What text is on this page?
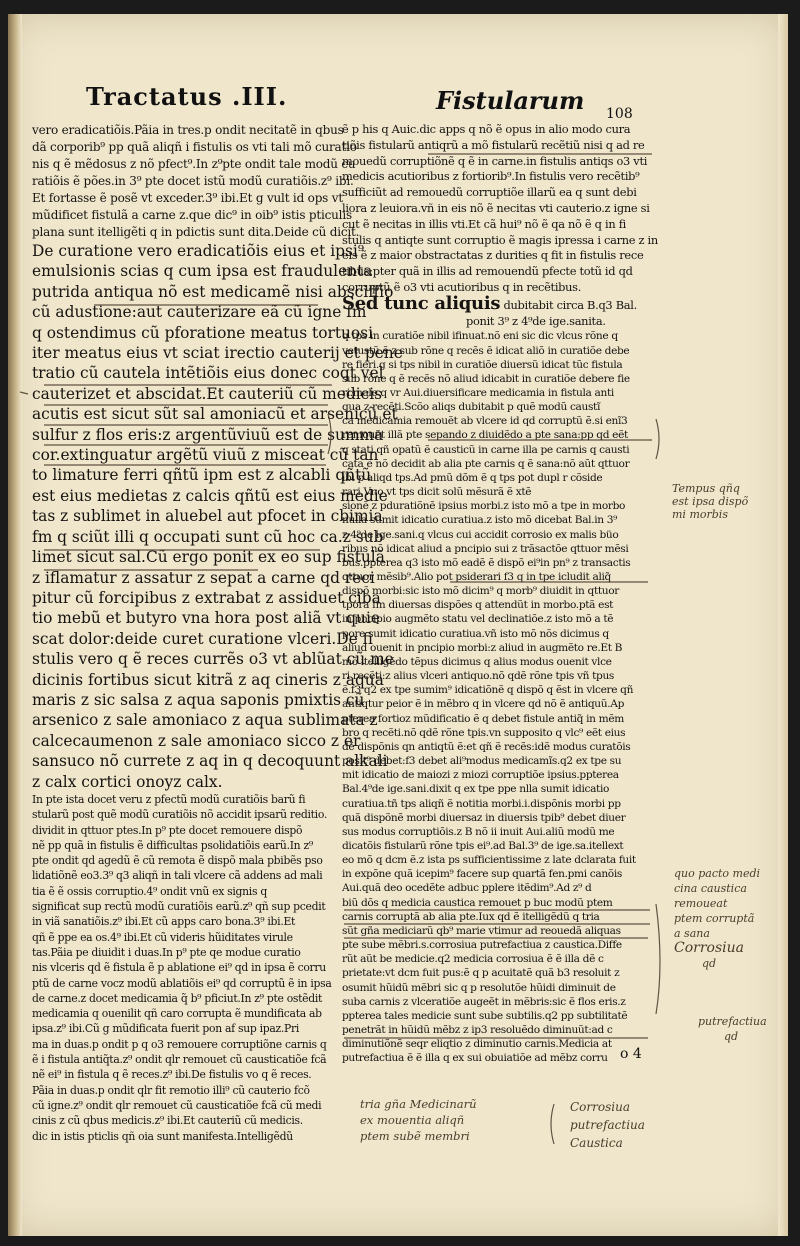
Tractatus .III.	Fistularum 108

vero eradicatiõis.Pãia in tres.p ondit necitatẽ in qbus

dã corporib⁹ pp quã aliqñ i fistulis os vti tali mõ curatio

nis q ẽ mẽdosus z nõ pfect⁹.In z⁹pte ondit tale modũ cu

ratiõis ẽ pões.in 3⁹ pte docet istũ modũ curatiõis.z⁹ ibi.

Et fortasse ẽ posẽ vt exceder.3⁹ ibi.Et g vult id ops vt

mũdificet fistulã a carne z.que dic⁹ in oib⁹ istis pticulis

plana sunt itelligẽti q in pdictis sunt dita.Deide cũ dicit.

De curatione vero eradicatiõis eius et ipsi⁹

emulsionis scias q cum ipsa est fraudulenta

putrida antiqua nõ est medicamẽ nisi absciffio

cũ adustione:aut cauterizare eã cũ igne fm

q ostendimus cũ pforatione meatus tortuosi

iter meatus eius vt sciat irectio cauterij et pene

tratio cũ cautela intẽtiõis eius donec coqt vel

cauterizet et abscidat.Et cauteriũ cũ medicis

acutis est sicut sũt sal amoniacũ et arsenicũ et

sulfur z flos eris:z argentũviuũ est de summa

cor.extinguatur argẽtũ viuũ z misceat cũ tan

to limature ferri qñtũ ipm est z alcabli qñtũ

est eius medietas z calcis qñtũ est eius medie

tas z sublimet in aluebel aut pfocet in cbimia

fm q sciũt illi q occupati sunt cũ hoc ca.z sub

limet sicut sal.Cũ ergo ponit ex eo sup fistulã

z iflamatur z assatur z sepat a carne qd reci

pitur cũ forcipibus z extrabat z assiduet ciba

tio mebũ et butyro vna hora post aliã vt quie

scat dolor:deide curet curatione vlceri.De fi

stulis vero q ẽ reces currẽs o3 vt ablũat cũ me

dicinis fortibus sicut kitrã z aq cineris z aqua

maris z sic salsa z aqua saponis pmixtis cũ

arsenico z sale amoniaco z aqua sublimata z

calcecaumenon z sale amoniaco sicco z er

sansuco nõ currete z aq in q decoquunt alkali

z calx cortici onoyz calx.

In pte ista docet veru z pfectũ modũ curatiõis barũ fi

stularũ post quẽ modũ curatiõis nõ accidit ipsarũ reditio.

dividit in qttuor ptes.In p⁹ pte docet remouere dispõ

nẽ pp quã in fistulis ẽ difficultas psolidatiõis earũ.In z⁹

pte ondit qd agedũ ẽ cũ remota ẽ dispõ mala pbibẽs pso

lidatiõnẽ eo3.3⁹ q3 aliqñ in tali vlcere cã addens ad mali

tia ẽ ẽ ossis corruptio.4⁹ ondit vnũ ex signis q

significat sup rectũ modũ curatiõis earũ.z⁹ qñ sup pcedit

in viã sanatiõis.z⁹ ibi.Et cũ apps caro bona.3⁹ ibi.Et

qñ ẽ ppe ea os.4⁹ ibi.Et cũ videris hũiditates virule

tas.Pãia pe diuidit i duas.In p⁹ pte qe modue curatio

nis vlceris qd ẽ fistula ẽ p ablatione ei⁹ qd in ipsa ẽ corru

ptũ de carne vocz modũ ablatiõis ei⁹ qd corruptũ ẽ in ipsa

de carne.z docet medicamia q̃ b⁹ pficiut.In z⁹ pte ostẽdit

medicamia q ouenilit qñ caro corrupta ẽ mundificata ab

ipsa.z⁹ ibi.Cũ g mũdificata fuerit pon af sup ipaz.Pri

ma in duas.p ondit p q o3 remouere corruptiõne carnis q

ẽ i fistula antiq̃ta.z⁹ ondit qlr remouet cũ causticatiõe fcã

nẽ ei⁹ in fistula q ẽ reces.z⁹ ibi.De fistulis vo q ẽ reces.

Pãia in duas.p ondit qlr fit remotio illi⁹ cũ cauterio fcõ

cũ igne.z⁹ ondit qlr remouet cũ causticatiõe fcã cũ medi

cinis z cũ qbus medicis.z⁹ ibi.Et cauteriũ cũ medicis.

dic in istis pticlis qñ oia sunt manifesta.Intelligẽdũ

ẽ p his q Auic.dic apps q nõ ẽ opus in alio modo cura

tiõis fistularũ antiqrũ a mõ fistularũ recẽtiũ nisi q ad re

mouedũ corruptiõnẽ q ẽ in carne.in fistulis antiqs o3 vti

medicis acutioribus z fortiorib⁹.In fistulis vero recẽtib⁹

sufficiũt ad remouedũ corruptiõe illarũ ea q sunt debi

liora z leuiora.vñ in eis nõ ẽ necitas vti cauterio.z igne si

cut ẽ necitas in illis vti.Et cã hui⁹ nõ ẽ qa nõ ẽ q in fi

stulis q antiqte sunt corruptio ẽ magis ipressa i carne z in

eis ẽ z maior obstractatas z durities q fit in fistulis rece

tibus:pter quã in illis ad remouendũ pfecte totũ id qd

corruptũ ẽ o3 vti acutioribus q in recẽtibus.

Sed tunc aliquis dubitabit circa B.q3 Bal.

ponit 3⁹ z 4⁹de ige.sanita.

q tps in curatiõe nibil ifinuat.nõ eni sic dic vlcus rõne q

vetustũ ẽ z sub rõne q recẽs ẽ idicat aliõ in curatiõe debe

re fieri.g si tps nibil in curatiõe diuersũ idicat tũc fistula

sub rõne q ẽ recẽs nõ aliud idicabit in curatiõe debere fie

ri.male q vr Aui.diuersificare medicamia in fistula anti

qua z recẽti.Scõo aliqs dubitabit p quẽ modũ caustĩ

ca medicamia remouẽt ab vlcere id qd corruptũ ẽ.si enĩ3

remouẽt illã pte sepando z diuidẽdo a pte sana:pp qd eẽt

q stati qñ opatũ ẽ causticũ in carne illa pe carnis q causti

cata ẽ nõ decidit ab alia pte carnis q ẽ sana:nõ aũt qttuor

ibi p aliqd tps.Ad pmũ dõm ẽ q tps pot dupl r cõside

rari.Vno vt tps dicit solũ mẽsurã ẽ xtẽ

sionẽ z pduratiõnẽ ipsius morbi.z isto mõ a tpe in morbo

nulla sumit idicatio curatiua.z isto mõ dicebat Bal.in 3⁹

z 4⁹de ige.sani.q vlcus cui accidit corrosio ex malis büo

ribus nõ idicat aliud a pncipio sui z trãsactõe qttuor mẽsi

bus.ppterea q3 isto mõ eadẽ ẽ dispõ ei⁹in pn⁹ z transactis

qttuor mẽsib⁹.Alio pot psiderari f3 q in tpe icludit aliq̃

dispõ morbi:sic isto mõ dicim⁹ q morb⁹ diuidit in qttuor

tpora fm diuersas dispões q attendũt in morbo.ptã est

in pncipio augmẽto statu vel declinatiõe.z isto mõ a tẽ

pore sumit idicatio curatiua.vñ isto mõ nõs dicimus q

aliud ouenit in pncipio morbi:z aliud in augmẽto re.Et B

mõ itelligẽdo tẽpus dicimus q alius modus ouenit vlce

ri recẽti:z alius vlceri antiquo.nõ qdẽ rõne tpis vñ tpus

ẽ.f3 q2 ex tpe sumim⁹ idicatiõnẽ q dispõ q ẽst in vlcere qñ

antiqtur peior ẽ in mẽbro q in vlcere qd nõ ẽ antiquũ.Ap

pterea fortioz mũdificatio ẽ q debet fistule antiq̃ in mẽm

bro q recẽti.nõ qdẽ rõne tpis.vn supposito q vlc⁹ eẽt eius

dẽ dispõnis qn antiqtũ ẽ:et qñ ẽ recẽs:idẽ modus curatõis

posit⁹ debet:f3 debet ali⁹modus medicamĩs.q2 ex tpe su

mit idicatio de maiozi z miozi corruptiõe ipsius.ppterea

Bal.4⁹de ige.sani.dixit q ex tpe ppe nlla sumit idicatio

curatiua.tñ tps aliqñ ẽ notitia morbi.i.dispõnis morbi pp

quã dispõnẽ morbi diuersaz in diuersis tpib⁹ debet diuer

sus modus corruptiõis.z B nõ ii inuit Aui.aliũ modũ me

dicatõis fistularũ rõne tpis ei⁹.ad Bal.3⁹ de ige.sa.itellext

eo mõ q dcm ẽ.z ista ps sufficientissime z late dclarata fuit

in expõne quã icepim⁹ facere sup quartã fen.pmi canõis

Aui.quã deo ocedẽte adbuc pplere itẽdim⁹.Ad z⁹ d

biũ dõs q medicia caustica remouet p buc modũ ptem

carnis corruptã ab alia pte.Iux qd ẽ itelligẽdũ q tria

sũt gña mediciarũ qb⁹ marie vtimur ad reouedã aliquas

pte sube mẽbri.s.corrosiua putrefactiua z caustica.Diffe

rũt aũt be medicie.q2 medicia corrosiua ẽ ẽ illa dẽ c

prietate:vt dcm fuit pus:ẽ q p acuitatẽ quã b3 resoluit z

osumit hũidũ mẽbri sic q p resolutõe hũidi diminuit de

suba carnis z vlceratiõe augeẽt in mẽbris:sic ẽ flos eris.z

ppterea tales medicie sunt sube subtilis.q2 pp subtilitatẽ

penetrãt in hũidũ mẽbz z ip3 resoluẽdo diminuũt:ad c

diminutiõnẽ seqr eliqtio z diminutio carnis.Medicia at

putrefactiua ẽ ẽ illa q ex sui obuiatiõe ad mẽbz corru o 4

Tempus qñq

est ipsa dispõ

mi morbis

quo pacto medi

cina caustica

remoueat

ptem corruptã

a sana

Corrosiua

qd

putrefactiua

qd

tria gña Medicinarũ

ex mouentia aliqñ

ptem subẽ membri

Corrosiua

putrefactiua

Caustica
